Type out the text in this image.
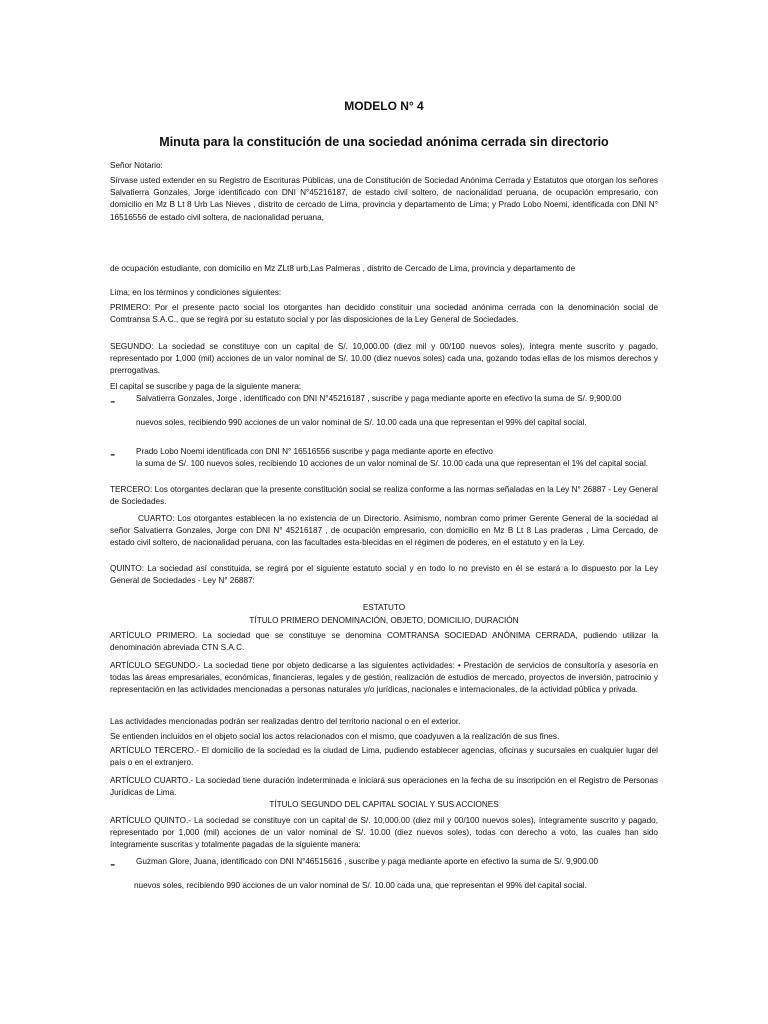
MODELO N° 4
Minuta para la constitución de una sociedad anónima cerrada sin directorio

Señor Notario:

Sírvase usted extender en su Registro de Escrituras Públicas, una de Constitución de Sociedad Anónima Cerrada y Estatutos que otorgan los señores Salvatierra Gonzales, Jorge identificado con DNI N°45216187, de estado civil soltero, de nacionalidad peruana, de ocupación empresario, con domicilio en Mz B Lt 8 Urb Las Nieves , distrito de cercado de Lima, provincia y departamento de Lima; y Prado Lobo Noemi, identificada con DNI N° 16516556 de estado civil soltera, de nacionalidad peruana,

de ocupación estudiante, con domicilio en Mz ZLt8 urb,Las Palmeras , distrito de Cercado de Lima, provincia y departamento de

Lima; en los términos y condiciones siguientes:

PRIMERO: Por el presente pacto social los otorgantes han decidido constituir una sociedad anónima cerrada con la denominación social de Comtransa S.A.C., que se regirá por su estatuto social y por las disposiciones de la Ley General de Sociedades.

SEGUNDO: La sociedad se constituye con un capital de S/. 10,000.00 (diez mil y 00/100 nuevos soles), íntegra mente suscrito y pagado, representado por 1,000 (mil) acciones de un valor nominal de S/. 10.00 (diez nuevos soles) cada una, gozando todas ellas de los mismos derechos y prerrogativas.

El capital se suscribe y paga de la siguiente manera:

-	Salvatierra Gonzales, Jorge , identificado con DNI N°45216187 , suscribe y paga mediante aporte en efectivo la suma de S/. 9,900.00

nuevos soles, recibiendo 990 acciones de un valor nominal de S/. 10.00 cada una que representan el 99% del capital social.

-	Prado Lobo Noemi identificada con DNI N° 16516556 suscribe y paga mediante aporte en efectivo

la suma de S/. 100 nuevos soles, recibiendo 10 acciones de un valor nominal de S/. 10.00 cada una que representan el 1% del capital social.

TERCERO: Los otorgantes declaran que la presente constitución social se realiza conforme a las normas señaladas en la Ley N° 26887 - Ley General de Sociedades.

CUARTO: Los otorgantes establecen la no existencia de un Directorio. Asimismo, nombran como primer Gerente General de la sociedad al señor Salvatierra Gonzales, Jorge con DNI N° 45216187 , de ocupación empresario, con domicilio en Mz B Lt 8 Las praderas , Lima Cercado, de estado civil soltero, de nacionalidad peruana, con las facultades esta-blecidas en el régimen de poderes, en el estatuto y en la Ley.

QUINTO: La sociedad así constituida, se regirá por el siguiente estatuto social y en todo lo no previsto en él se estará a lo dispuesto por la Ley General de Sociedades - Ley N° 26887:

ESTATUTO

TÍTULO PRIMERO DENOMINACIÓN, OBJETO, DOMICILIO, DURACIÓN

ARTÍCULO PRIMERO. La sociedad que se constituye se denomina COMTRANSA SOCIEDAD ANÓNIMA CERRADA, pudiendo utilizar la denominación abreviada CTN S.A.C.

ARTÍCULO SEGUNDO.- La sociedad tiene por objeto dedicarse a las siguientes actividades: • Prestación de servicios de consultoría y asesoría en todas las áreas empresariales, económicas, financieras, legales y de gestión, realización de estudios de mercado, proyectos de inversión, patrocinio y representación en las actividades mencionadas a personas naturales y/o jurídicas, nacionales e internacionales, de la actividad pública y privada.

Las actividades mencionadas podrán ser realizadas dentro del territorio nacional o en el exterior.

Se entienden incluidos en el objeto social los actos relacionados con el mismo, que coadyuven a la realización de sus fines.

ARTÍCULO TERCERO.- El domicilio de la sociedad es la ciudad de Lima, pudiendo establecer agencias, oficinas y sucursales en cualquier lugar del país o en el extranjero.

ARTÍCULO CUARTO.- La sociedad tiene duración indeterminada e iniciará sus operaciones en la fecha de su inscripción en el Registro de Personas Jurídicas de Lima.

TÍTULO SEGUNDO DEL CAPITAL SOCIAL Y SUS ACCIONES

ARTÍCULO QUINTO.- La sociedad se constituye con un capital de S/. 10,000.00 (diez mil y 00/100 nuevos soles), íntegramente suscrito y pagado, representado por 1,000 (mil) acciones de un valor nominal de S/. 10.00 (diez nuevos soles), todas con derecho a voto, las cuales han sido íntegramente suscritas y totalmente pagadas de la siguiente manera:

-	Guzman Glore, Juana, identificado con DNI N°46515616 , suscribe y paga mediante aporte en efectivo la suma de S/. 9,900.00

nuevos soles, recibiendo 990 acciones de un valor nominal de S/. 10.00 cada una, que representan el 99% del capital social.
